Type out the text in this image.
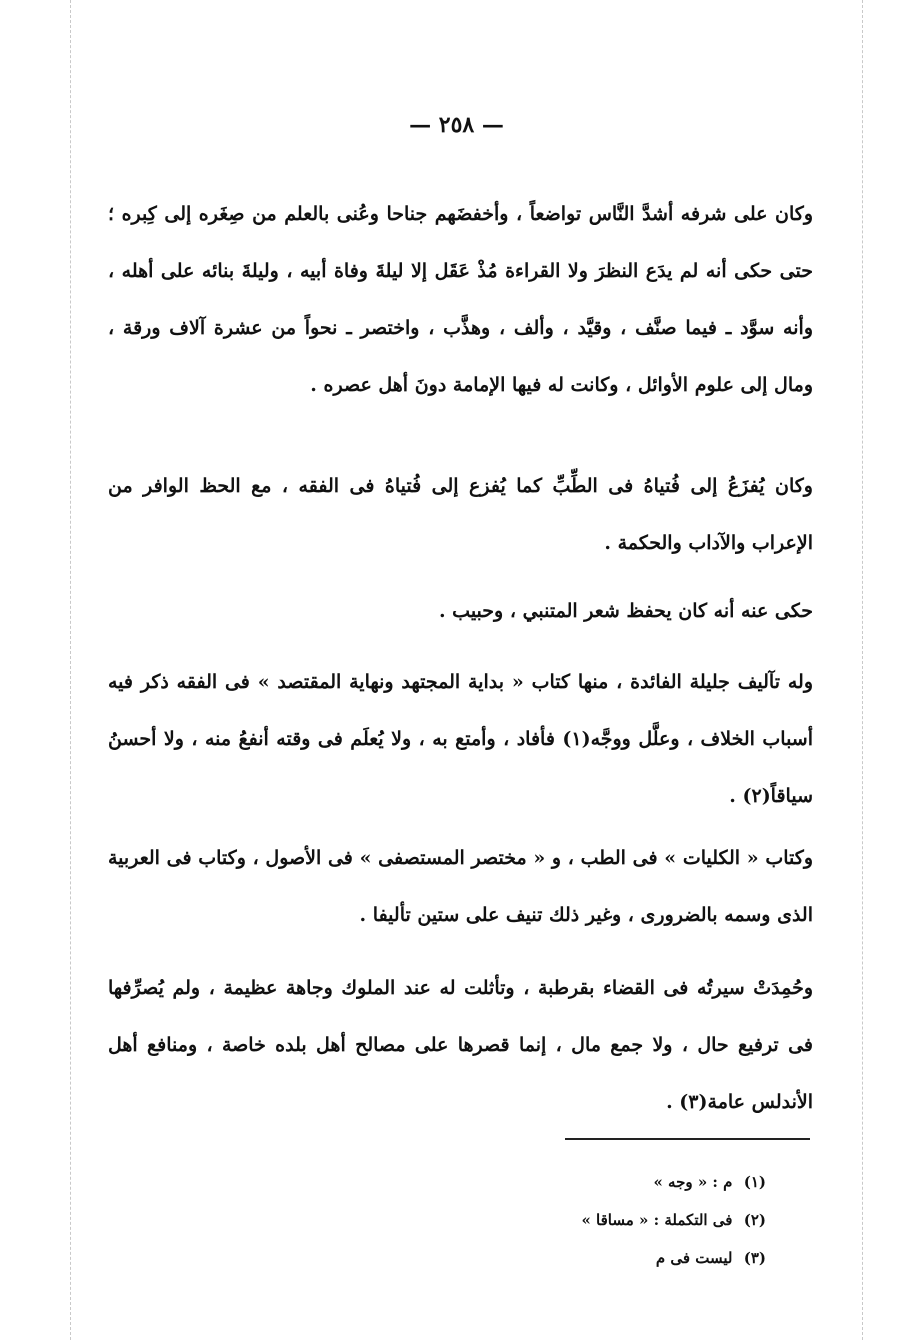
— ٢٥٨ —

وكان على شرفه أشدَّ النَّاس تواضعاً ، وأخفضَهم جناحا وعُنى بالعلم من صِغَره إلى كِبره ؛ حتى حكى أنه لم يدَع النظرَ ولا القراءة مُذْ عَقَل إلا ليلةَ وفاة أبيه ، وليلةَ بنائه على أهله ، وأنه سوَّد ـ فيما صنَّف ، وقيَّد ، وألف ، وهذَّب ، واختصر ـ نحواً من عشرة آلاف ورقة ، ومال إلى علوم الأوائل ، وكانت له فيها الإمامة دونَ أهل عصره .

وكان يُفزَعُ إلى فُتياهُ فى الطِّبِّ كما يُفزع إلى فُتياهُ فى الفقه ، مع الحظ الوافر من الإعراب والآداب والحكمة .

حكى عنه أنه كان يحفظ شعر المتنبي ، وحبيب .

وله تآليف جليلة الفائدة ، منها كتاب « بداية المجتهد ونهاية المقتصد » فى الفقه ذكر فيه أسباب الخلاف ، وعلَّل ووجَّه(١) فأفاد ، وأمتع به ، ولا يُعلَم فى وقته أنفعُ منه ، ولا أحسنُ سياقاً(٢) .

وكتاب « الكليات » فى الطب ، و « مختصر المستصفى » فى الأصول ، وكتاب فى العربية الذى وسمه بالضرورى ، وغير ذلك تنيف على ستين تأليفا .

وحُمِدَتْ سيرتُه فى القضاء بقرطبة ، وتأثلت له عند الملوك وجاهة عظيمة ، ولم يُصرِّفها فى ترفيع حال ، ولا جمع مال ، إنما قصرها على مصالح أهل بلده خاصة ، ومنافع أهل الأندلس عامة(٣) .

(١) م : « وجه »
(٢) فى التكملة : « مساقا »
(٣) ليست فى م
